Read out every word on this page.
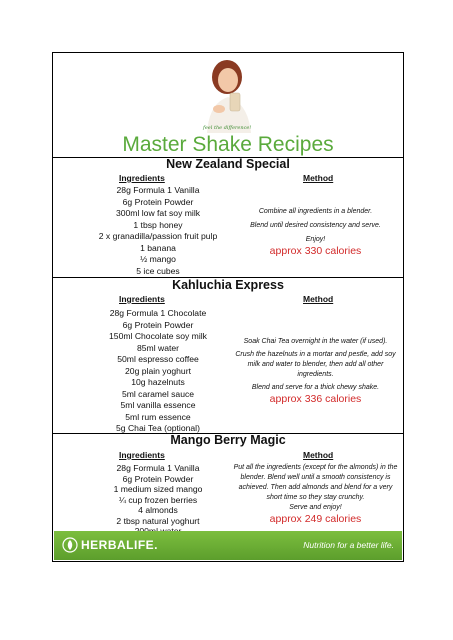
feel the difference!
Master Shake Recipes
New Zealand Special
Ingredients	Method
28g Formula 1 Vanilla
6g Protein Powder
300ml low fat soy milk
1 tbsp honey
2 x granadilla/passion fruit pulp
1 banana
½ mango
5 ice cubes
Combine all ingredients in a blender.
Blend until desired consistency and serve.
Enjoy!
approx 330 calories
Kahluchia Express
Ingredients	Method
28g Formula 1 Chocolate
6g Protein Powder
150ml Chocolate soy milk
85ml water
50ml espresso coffee
20g plain yoghurt
10g hazelnuts
5ml caramel sauce
5ml vanilla essence
5ml rum essence
5g Chai Tea (optional)
Soak Chai Tea overnight in the water (if used).
Crush the hazelnuts in a mortar and pestle, add soy milk and water to blender, then add all other ingredients.
Blend and serve for a thick chewy shake.
approx 336 calories
Mango Berry Magic
Ingredients	Method
28g Formula 1 Vanilla
6g Protein Powder
1 medium sized mango
¼ cup frozen berries
4 almonds
2 tbsp natural yoghurt
Put all the ingredients (except for the almonds) in the blender. Blend well until a smooth consistency is achieved. Then add almonds and blend for a very short time so they stay crunchy.
Serve and enjoy!
approx 249 calories
HERBALIFE.	Nutrition for a better life.
